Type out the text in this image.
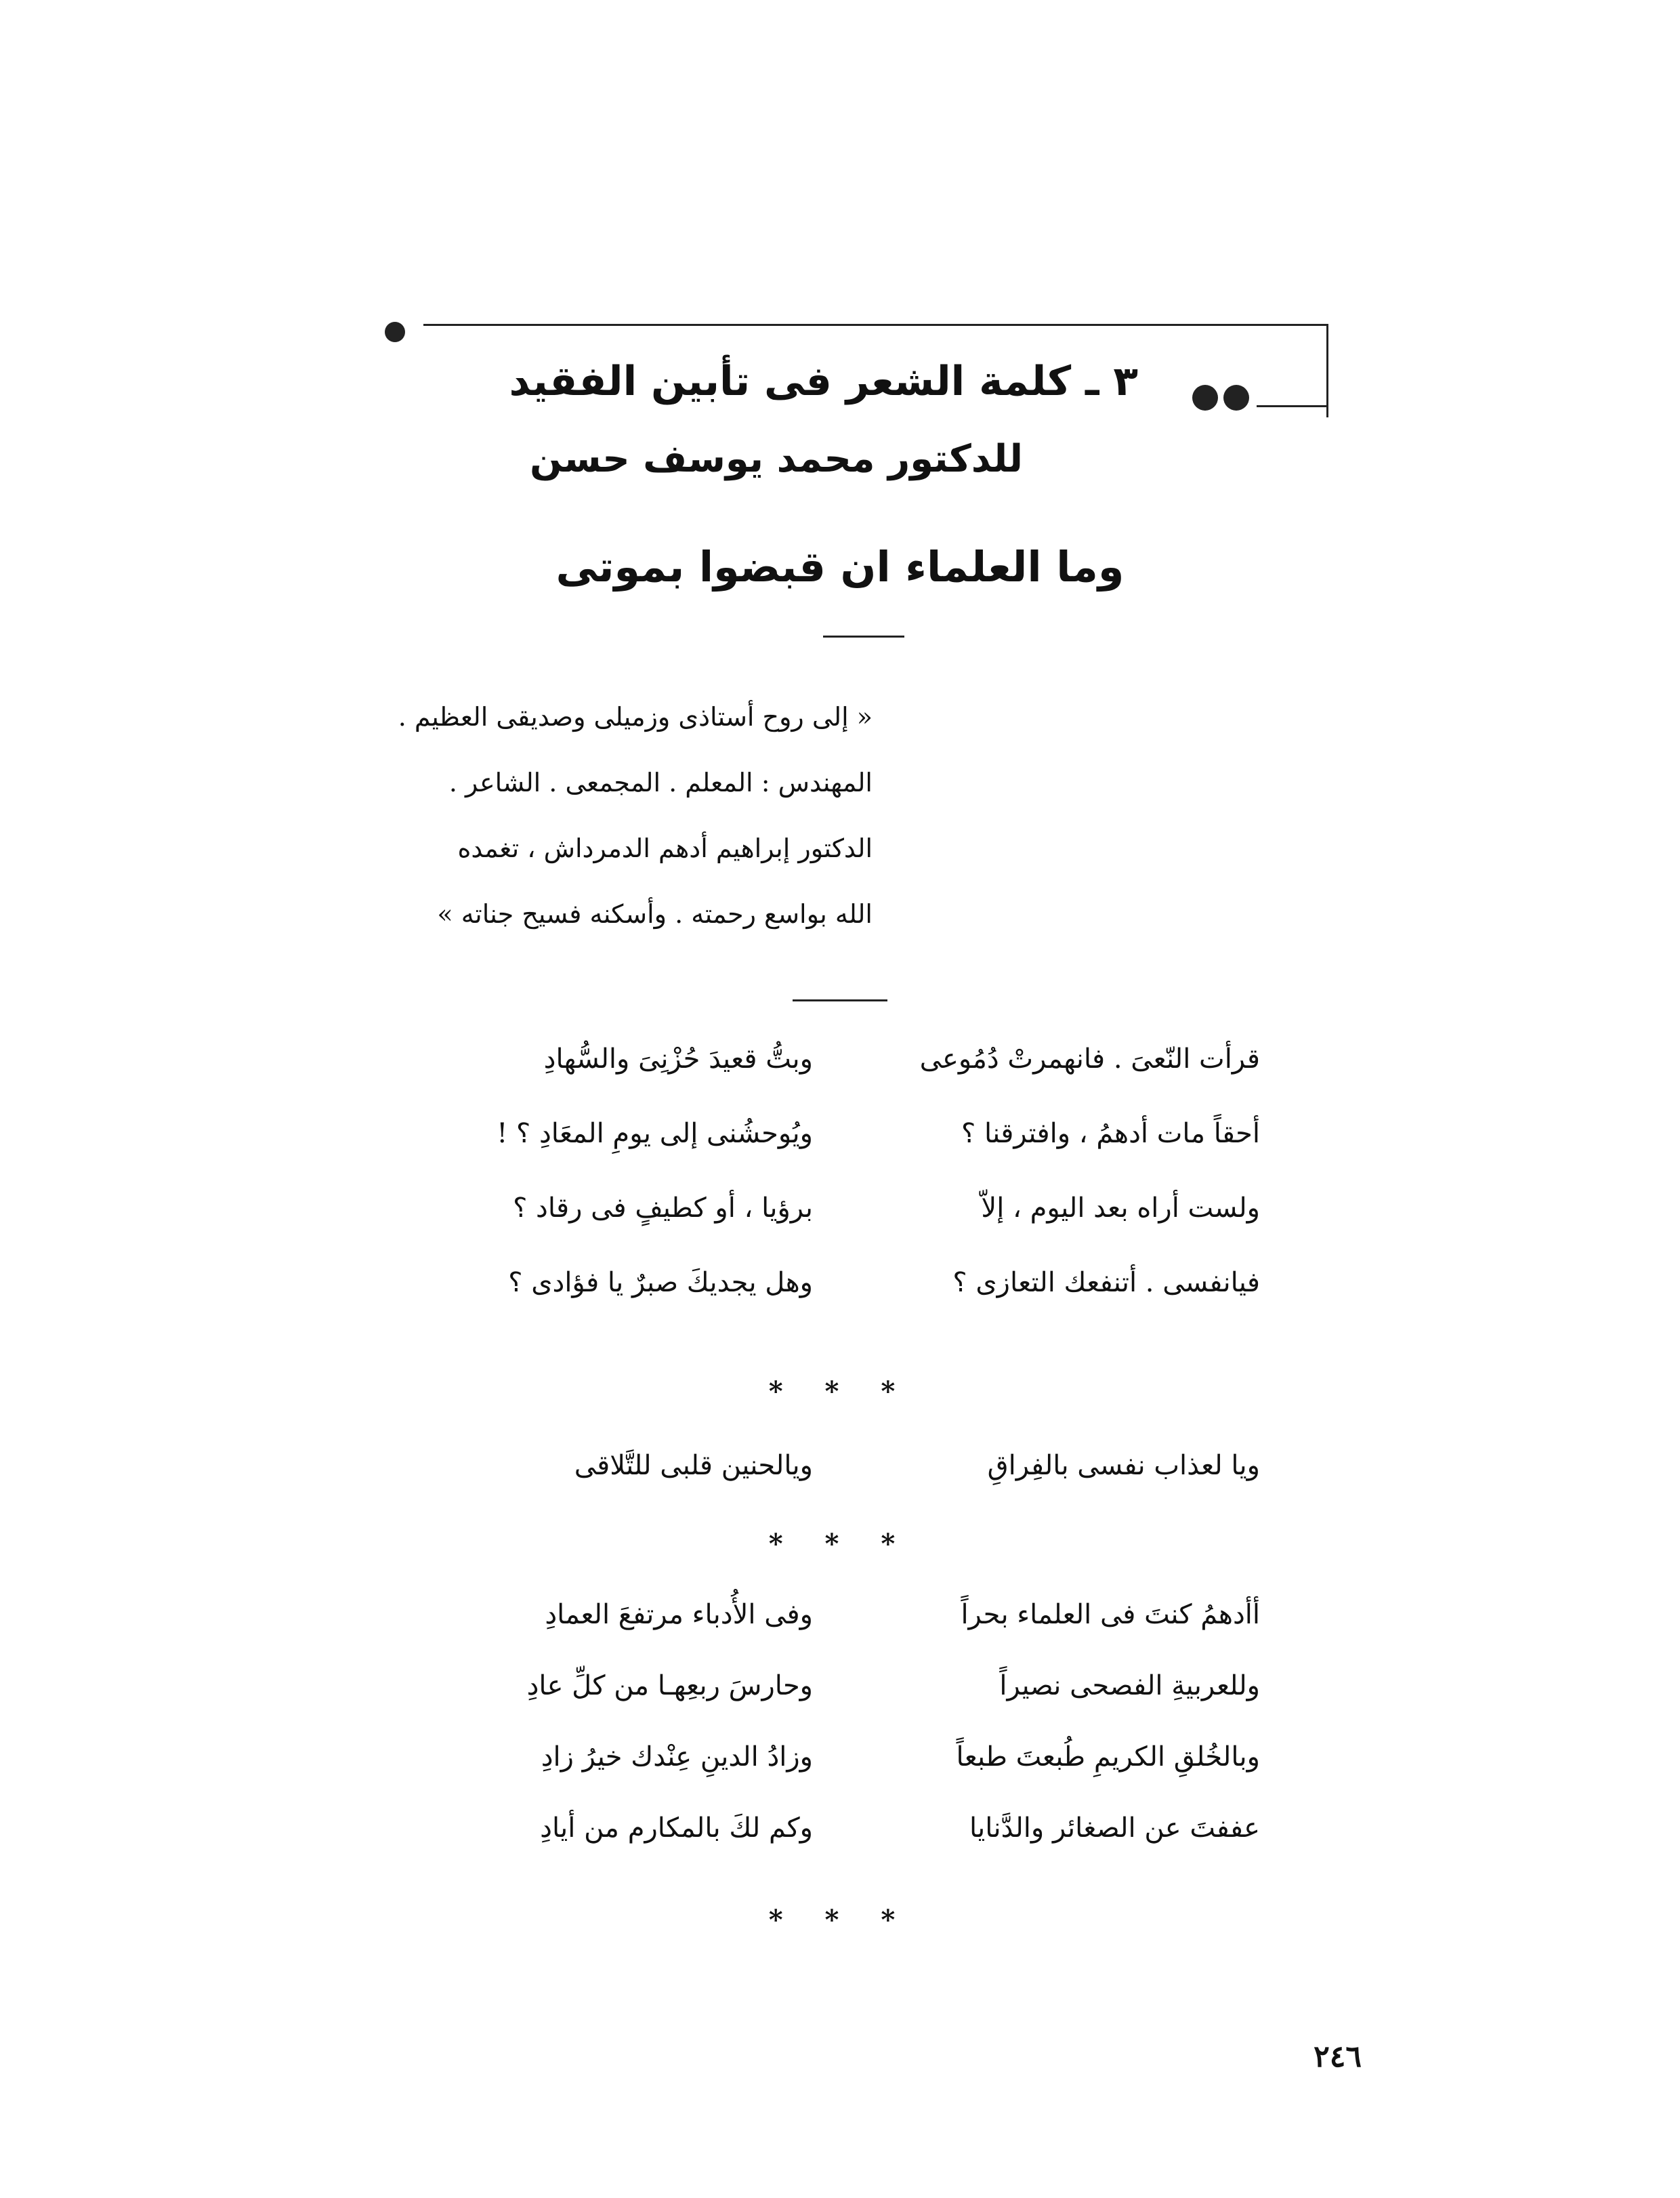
٣ ـ كلمة الشعر فى تأبين الفقيد
للدكتور محمد يوسف حسن
وما العلماء ان قبضوا بموتى
« إلى روح أستاذى وزميلى وصديقى العظيم .
المهندس : المعلم . المجمعى . الشاعر .
الدكتور إبراهيم أدهم الدمرداش ، تغمده
الله بواسع رحمته . وأسكنه فسيح جناته »
قرأت النّعىَ . فانهمرتْ دُمُوعى
وبتُّ قعيدَ حُزْنِىَ والسُّهادِ
أحقاً مات أدهمُ ، وافترقنا ؟
ويُوحشُنى إلى يومِ المعَادِ ؟ !
ولست أراه بعد اليوم ، إلاّ
برؤيا ، أو كطيفٍ فى رقاد ؟
فيانفسى . أتنفعك التعازى ؟
وهل يجديكَ صبرٌ يا فؤادى ؟
* * *
ويا لعذاب نفسى بالفِراقِ
ويالحنين قلبى للتَّلاقى
* * *
أأدهمُ كنتَ فى العلماء بحراً
وفى الأُدباء مرتفعَ العمادِ
وللعربيةِ الفصحى نصيراً
وحارسَ ربعِهـا من كلِّ عادِ
وبالخُلقِ الكريمِ طُبعتَ طبعاً
وزادُ الدينِ عِنْدك خيرُ زادِ
عففتَ عن الصغائر والدَّنايا
وكم لكَ بالمكارم من أيادِ
* * *
٢٤٦
